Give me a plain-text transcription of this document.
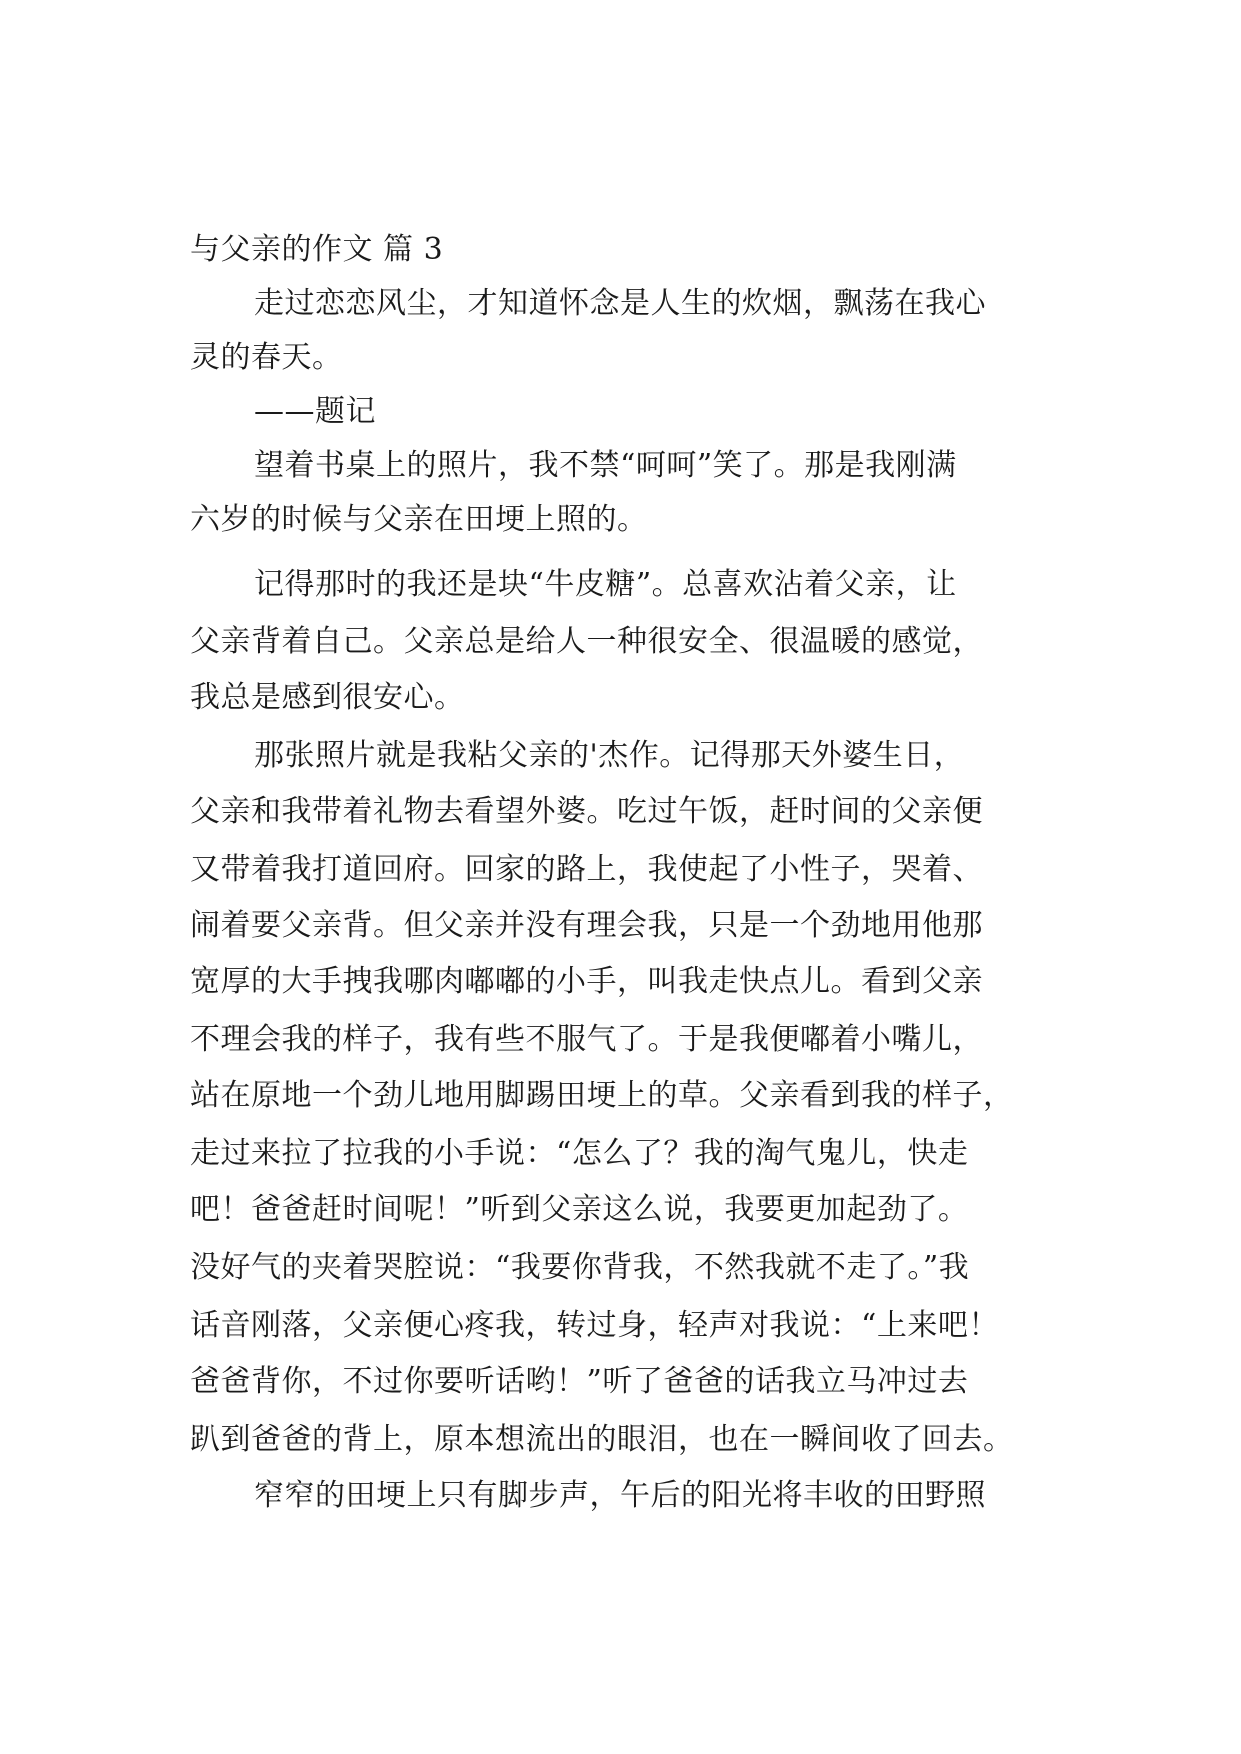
与父亲的作文 篇 3
走过恋恋风尘，才知道怀念是人生的炊烟，飘荡在我心
灵的春天。
——题记
望着书桌上的照片，我不禁“呵呵”笑了。那是我刚满
六岁的时候与父亲在田埂上照的。
记得那时的我还是块“牛皮糖”。总喜欢沾着父亲，让
父亲背着自己。父亲总是给人一种很安全、很温暖的感觉，
我总是感到很安心。
那张照片就是我粘父亲的'杰作。记得那天外婆生日，
父亲和我带着礼物去看望外婆。吃过午饭，赶时间的父亲便
又带着我打道回府。回家的路上，我使起了小性子，哭着、
闹着要父亲背。但父亲并没有理会我，只是一个劲地用他那
宽厚的大手拽我哪肉嘟嘟的小手，叫我走快点儿。看到父亲
不理会我的样子，我有些不服气了。于是我便嘟着小嘴儿，
站在原地一个劲儿地用脚踢田埂上的草。父亲看到我的样子，
走过来拉了拉我的小手说：“怎么了？我的淘气鬼儿，快走
吧！爸爸赶时间呢！”听到父亲这么说，我要更加起劲了。
没好气的夹着哭腔说：“我要你背我，不然我就不走了。”我
话音刚落，父亲便心疼我，转过身，轻声对我说：“上来吧！
爸爸背你，不过你要听话哟！”听了爸爸的话我立马冲过去
趴到爸爸的背上，原本想流出的眼泪，也在一瞬间收了回去。
窄窄的田埂上只有脚步声，午后的阳光将丰收的田野照
